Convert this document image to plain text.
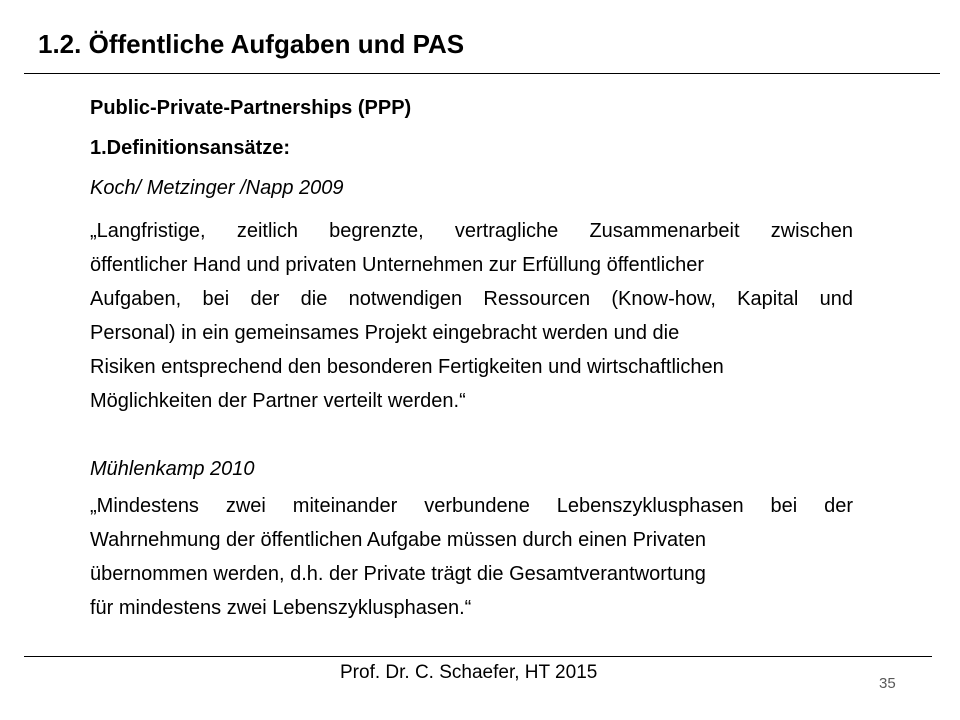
1.2. Öffentliche Aufgaben und PAS
Public-Private-Partnerships (PPP)
1.Definitionsansätze:
Koch/ Metzinger /Napp 2009
„Langfristige, zeitlich begrenzte, vertragliche Zusammenarbeit zwischen
öffentlicher Hand und privaten Unternehmen zur Erfüllung öffentlicher
Aufgaben, bei der die notwendigen Ressourcen (Know-how, Kapital und
Personal) in ein gemeinsames Projekt eingebracht werden und die
Risiken entsprechend den besonderen Fertigkeiten und wirtschaftlichen
Möglichkeiten der Partner verteilt werden.“
Mühlenkamp 2010
„Mindestens zwei miteinander verbundene Lebenszyklusphasen bei der
Wahrnehmung der öffentlichen Aufgabe müssen durch einen Privaten
übernommen werden, d.h. der Private trägt die Gesamtverantwortung
für mindestens zwei Lebenszyklusphasen.“
Prof. Dr. C. Schaefer, HT 2015
35
